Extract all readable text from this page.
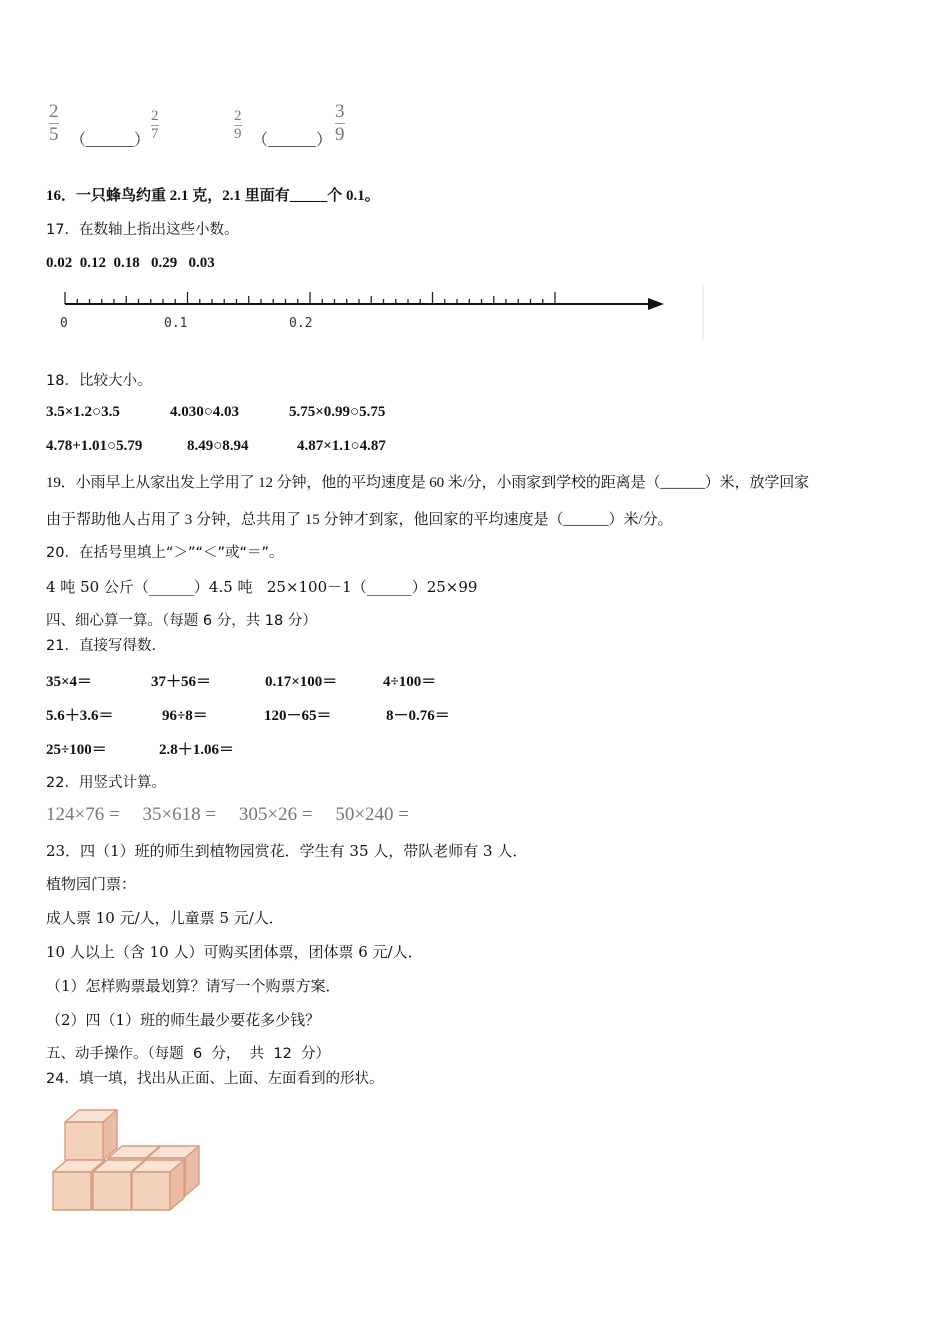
2
5 （______）
2
7
2
9 （______）
3
9
16．一只蜂鸟约重 2.1 克，2.1 里面有_____个 0.1。
17．在数轴上指出这些小数。
0.02  0.12  0.18   0.29   0.03
0	0.1	0.2
18．比较大小。
3.5×1.2○3.5	4.030○4.03	5.75×0.99○5.75
4.78+1.01○5.79	8.49○8.94	4.87×1.1○4.87
19．小雨早上从家出发上学用了 12 分钟，他的平均速度是 60 米/分，小雨家到学校的距离是（______）米，放学回家
由于帮助他人占用了 3 分钟，总共用了 15 分钟才到家，他回家的平均速度是（______）米/分。
20．在括号里填上“＞”“＜”或“＝”。
4 吨 50 公斤（______）4.5 吨   25×100－1（______）25×99
四、细心算一算。（每题 6 分，共 18 分）
21．直接写得数.
35×4＝	37＋56＝	0.17×100＝	4÷100＝
5.6＋3.6＝	96÷8＝	120－65＝	8－0.76＝
25÷100＝	2.8＋1.06＝
22．用竖式计算。
124×76 = 35×618 = 305×26 = 50×240 =
23．四（1）班的师生到植物园赏花．学生有 35 人，带队老师有 3 人．
植物园门票：
成人票 10 元/人，儿童票 5 元/人．
10 人以上（含 10 人）可购买团体票，团体票 6 元/人．
（1）怎样购票最划算？请写一个购票方案．
（2）四（1）班的师生最少要花多少钱？
五、动手操作。（每题  6  分，  共  12  分）
24．填一填，找出从正面、上面、左面看到的形状。
